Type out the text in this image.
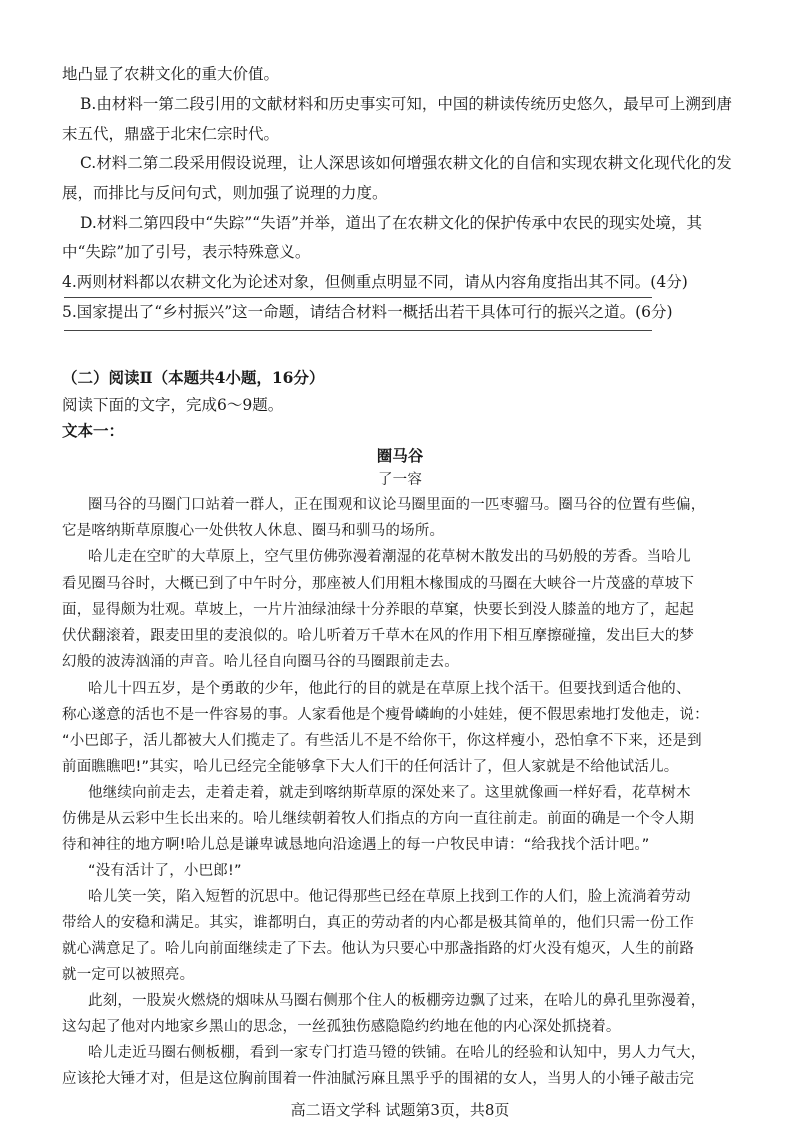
地凸显了农耕文化的重大价值。
B.由材料一第二段引用的文献材料和历史事实可知，中国的耕读传统历史悠久，最早可上溯到唐
末五代，鼎盛于北宋仁宗时代。
C.材料二第二段采用假设说理，让人深思该如何增强农耕文化的自信和实现农耕文化现代化的发
展，而排比与反问句式，则加强了说理的力度。
D.材料二第四段中“失踪”“失语”并举，道出了在农耕文化的保护传承中农民的现实处境，其
中“失踪”加了引号，表示特殊意义。
4.两则材料都以农耕文化为论述对象，但侧重点明显不同，请从内容角度指出其不同。(4分)
5.国家提出了“乡村振兴”这一命题，请结合材料一概括出若干具体可行的振兴之道。(6分)
（二）阅读Ⅱ（本题共4小题，16分）
阅读下面的文字，完成6～9题。
文本一：
圈马谷
了一容
圈马谷的马圈门口站着一群人，正在围观和议论马圈里面的一匹枣骝马。圈马谷的位置有些偏，
它是喀纳斯草原腹心一处供牧人休息、圈马和驯马的场所。
哈儿走在空旷的大草原上，空气里仿佛弥漫着潮湿的花草树木散发出的马奶般的芳香。当哈儿
看见圈马谷时，大概已到了中午时分，那座被人们用粗木椽围成的马圈在大峡谷一片茂盛的草坡下
面，显得颇为壮观。草坡上，一片片油绿油绿十分养眼的草窠，快要长到没人膝盖的地方了，起起
伏伏翻滚着，跟麦田里的麦浪似的。哈儿听着万千草木在风的作用下相互摩擦碰撞，发出巨大的梦
幻般的波涛汹涌的声音。哈儿径自向圈马谷的马圈跟前走去。
哈儿十四五岁，是个勇敢的少年，他此行的目的就是在草原上找个活干。但要找到适合他的、
称心遂意的活也不是一件容易的事。人家看他是个瘦骨嶙峋的小娃娃，便不假思索地打发他走，说：
“小巴郎子，活儿都被大人们揽走了。有些活儿不是不给你干，你这样瘦小，恐怕拿不下来，还是到
前面瞧瞧吧!”其实，哈儿已经完全能够拿下大人们干的任何活计了，但人家就是不给他试活儿。
他继续向前走去，走着走着，就走到喀纳斯草原的深处来了。这里就像画一样好看，花草树木
仿佛是从云彩中生长出来的。哈儿继续朝着牧人们指点的方向一直往前走。前面的确是一个令人期
待和神往的地方啊!哈儿总是谦卑诚恳地向沿途遇上的每一户牧民申请：“给我找个活计吧。”
“没有活计了，小巴郎!”
哈儿笑一笑，陷入短暂的沉思中。他记得那些已经在草原上找到工作的人们，脸上流淌着劳动
带给人的安稳和满足。其实，谁都明白，真正的劳动者的内心都是极其简单的，他们只需一份工作
就心满意足了。哈儿向前面继续走了下去。他认为只要心中那盏指路的灯火没有熄灭，人生的前路
就一定可以被照亮。
此刻，一股炭火燃烧的烟味从马圈右侧那个住人的板棚旁边飘了过来，在哈儿的鼻孔里弥漫着，
这勾起了他对内地家乡黑山的思念，一丝孤独伤感隐隐约约地在他的内心深处抓挠着。
哈儿走近马圈右侧板棚，看到一家专门打造马镫的铁铺。在哈儿的经验和认知中，男人力气大，
应该抡大锤才对，但是这位胸前围着一件油腻污麻且黑乎乎的围裙的女人，当男人的小锤子敲击完
高二语文学科 试题第3页，共8页
